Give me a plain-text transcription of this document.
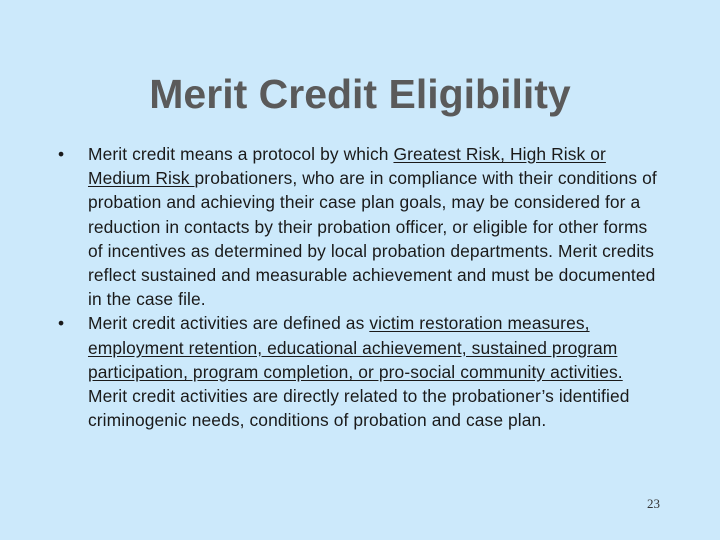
Merit Credit Eligibility
•	Merit credit means a protocol by which Greatest Risk, High Risk or Medium Risk probationers, who are in compliance with their conditions of probation and achieving their case plan goals, may be considered for a reduction in contacts by their probation officer, or eligible for other forms of incentives as determined by local probation departments. Merit credits reflect sustained and measurable achievement and must be documented in the case file.
•	Merit credit activities are defined as victim restoration measures, employment retention, educational achievement, sustained program participation, program completion, or pro-social community activities. Merit credit activities are directly related to the probationer’s identified criminogenic needs, conditions of probation and case plan.
23
